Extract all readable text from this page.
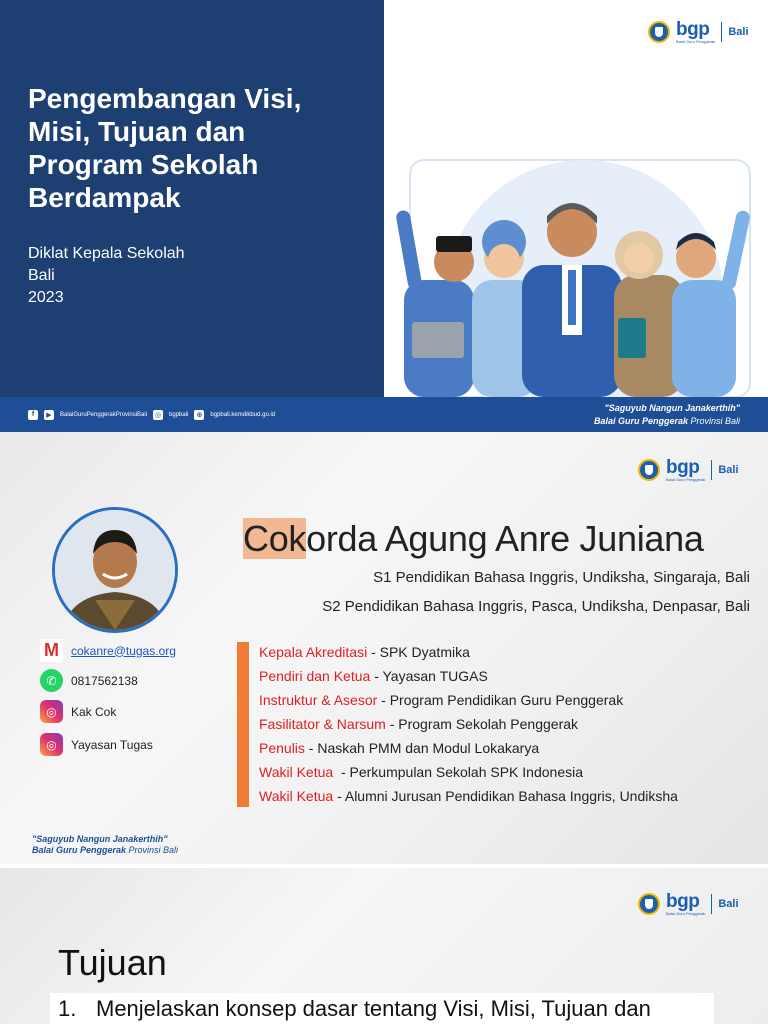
Pengembangan Visi, Misi, Tujuan dan Program Sekolah Berdampak
Diklat Kepala Sekolah
Bali
2023
bgp
Balai Guru Penggerak
Bali
f	▶	BalaiGuruPenggerakProvinsiBali ◎	bgpbali ⊕	bgpbali.kemdikbud.go.id
"Saguyub Nangun Janakerthih"
Balai Guru Penggerak Provinsi Bali
bgp
Balai Guru Penggerak
Bali
Cokorda Agung Anre Juniana
S1 Pendidikan Bahasa Inggris, Undiksha, Singaraja, Bali
S2 Pendidikan Bahasa Inggris, Pasca, Undiksha, Denpasar, Bali
M	cokanre@tugas.org
✆	0817562138
◎	Kak Cok
◎	Yayasan Tugas
Kepala Akreditasi - SPK Dyatmika
Pendiri dan Ketua - Yayasan TUGAS
Instruktur & Asesor - Program Pendidikan Guru Penggerak
Fasilitator & Narsum - Program Sekolah Penggerak
Penulis - Naskah PMM dan Modul Lokakarya
Wakil Ketua  - Perkumpulan Sekolah SPK Indonesia
Wakil Ketua - Alumni Jurusan Pendidikan Bahasa Inggris, Undiksha
"Saguyub Nangun Janakerthih"
Balai Guru Penggerak Provinsi Bali
bgp
Balai Guru Penggerak
Bali
Tujuan
1. Menjelaskan konsep dasar tentang Visi, Misi, Tujuan dan
